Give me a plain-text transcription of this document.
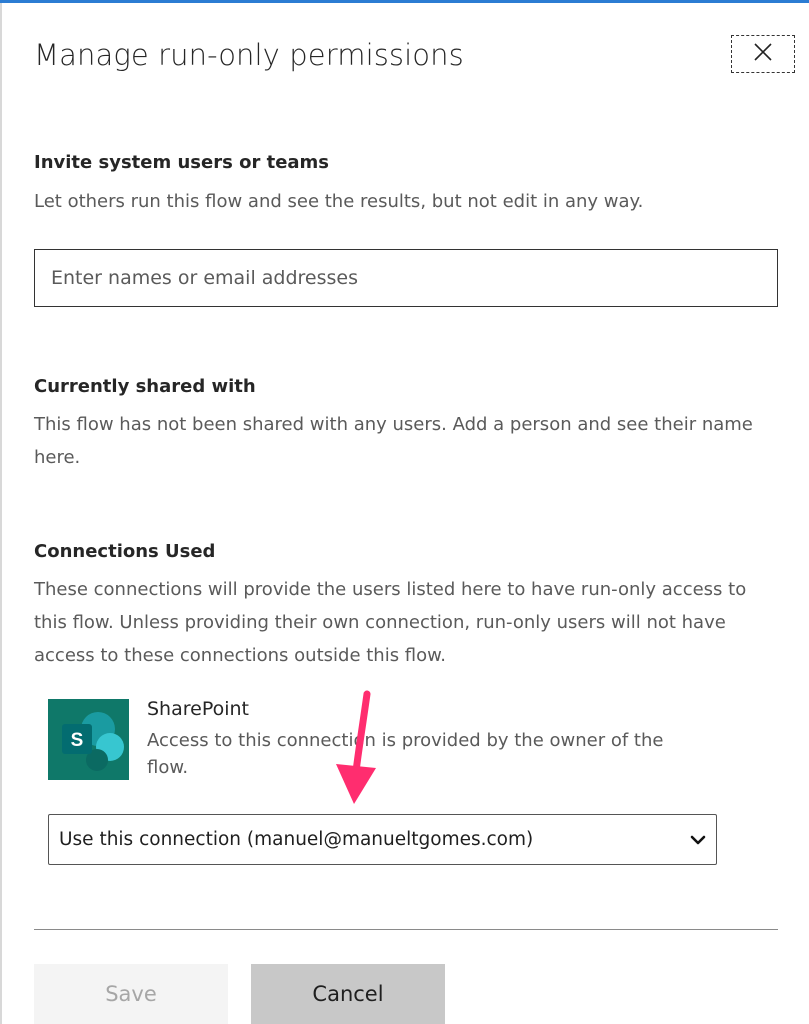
Manage run-only permissions
Invite system users or teams
Let others run this flow and see the results, but not edit in any way.
Enter names or email addresses
Currently shared with
This flow has not been shared with any users. Add a person and see their name here.
Connections Used
These connections will provide the users listed here to have run-only access to this flow. Unless providing their own connection, run-only users will not have access to these connections outside this flow.
S
SharePoint
Access to this connection is provided by the owner of the flow.
Use this connection (manuel@manueltgomes.com)
Save	Cancel
